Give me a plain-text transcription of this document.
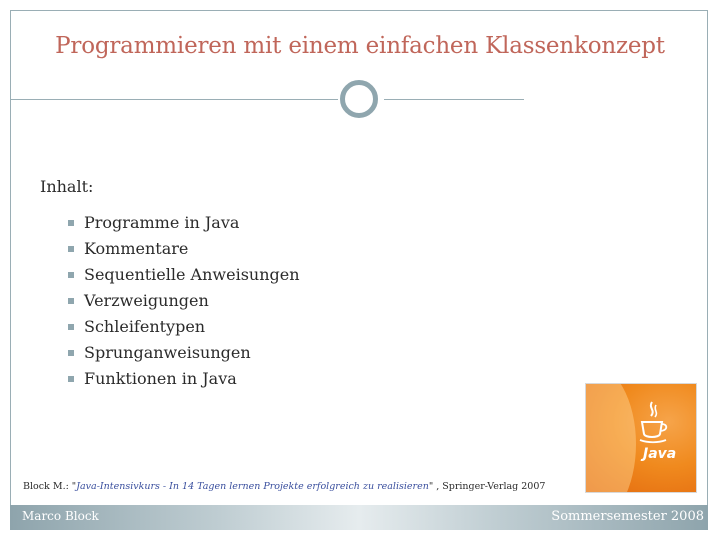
Programmieren mit einem einfachen Klassenkonzept
Inhalt:
Programme in Java
Kommentare
Sequentielle Anweisungen
Verzweigungen
Schleifentypen
Sprunganweisungen
Funktionen in Java
Java
Block M.: "Java-Intensivkurs - In 14 Tagen lernen Projekte erfolgreich zu realisieren" , Springer-Verlag 2007
Marco Block	Sommersemester 2008
